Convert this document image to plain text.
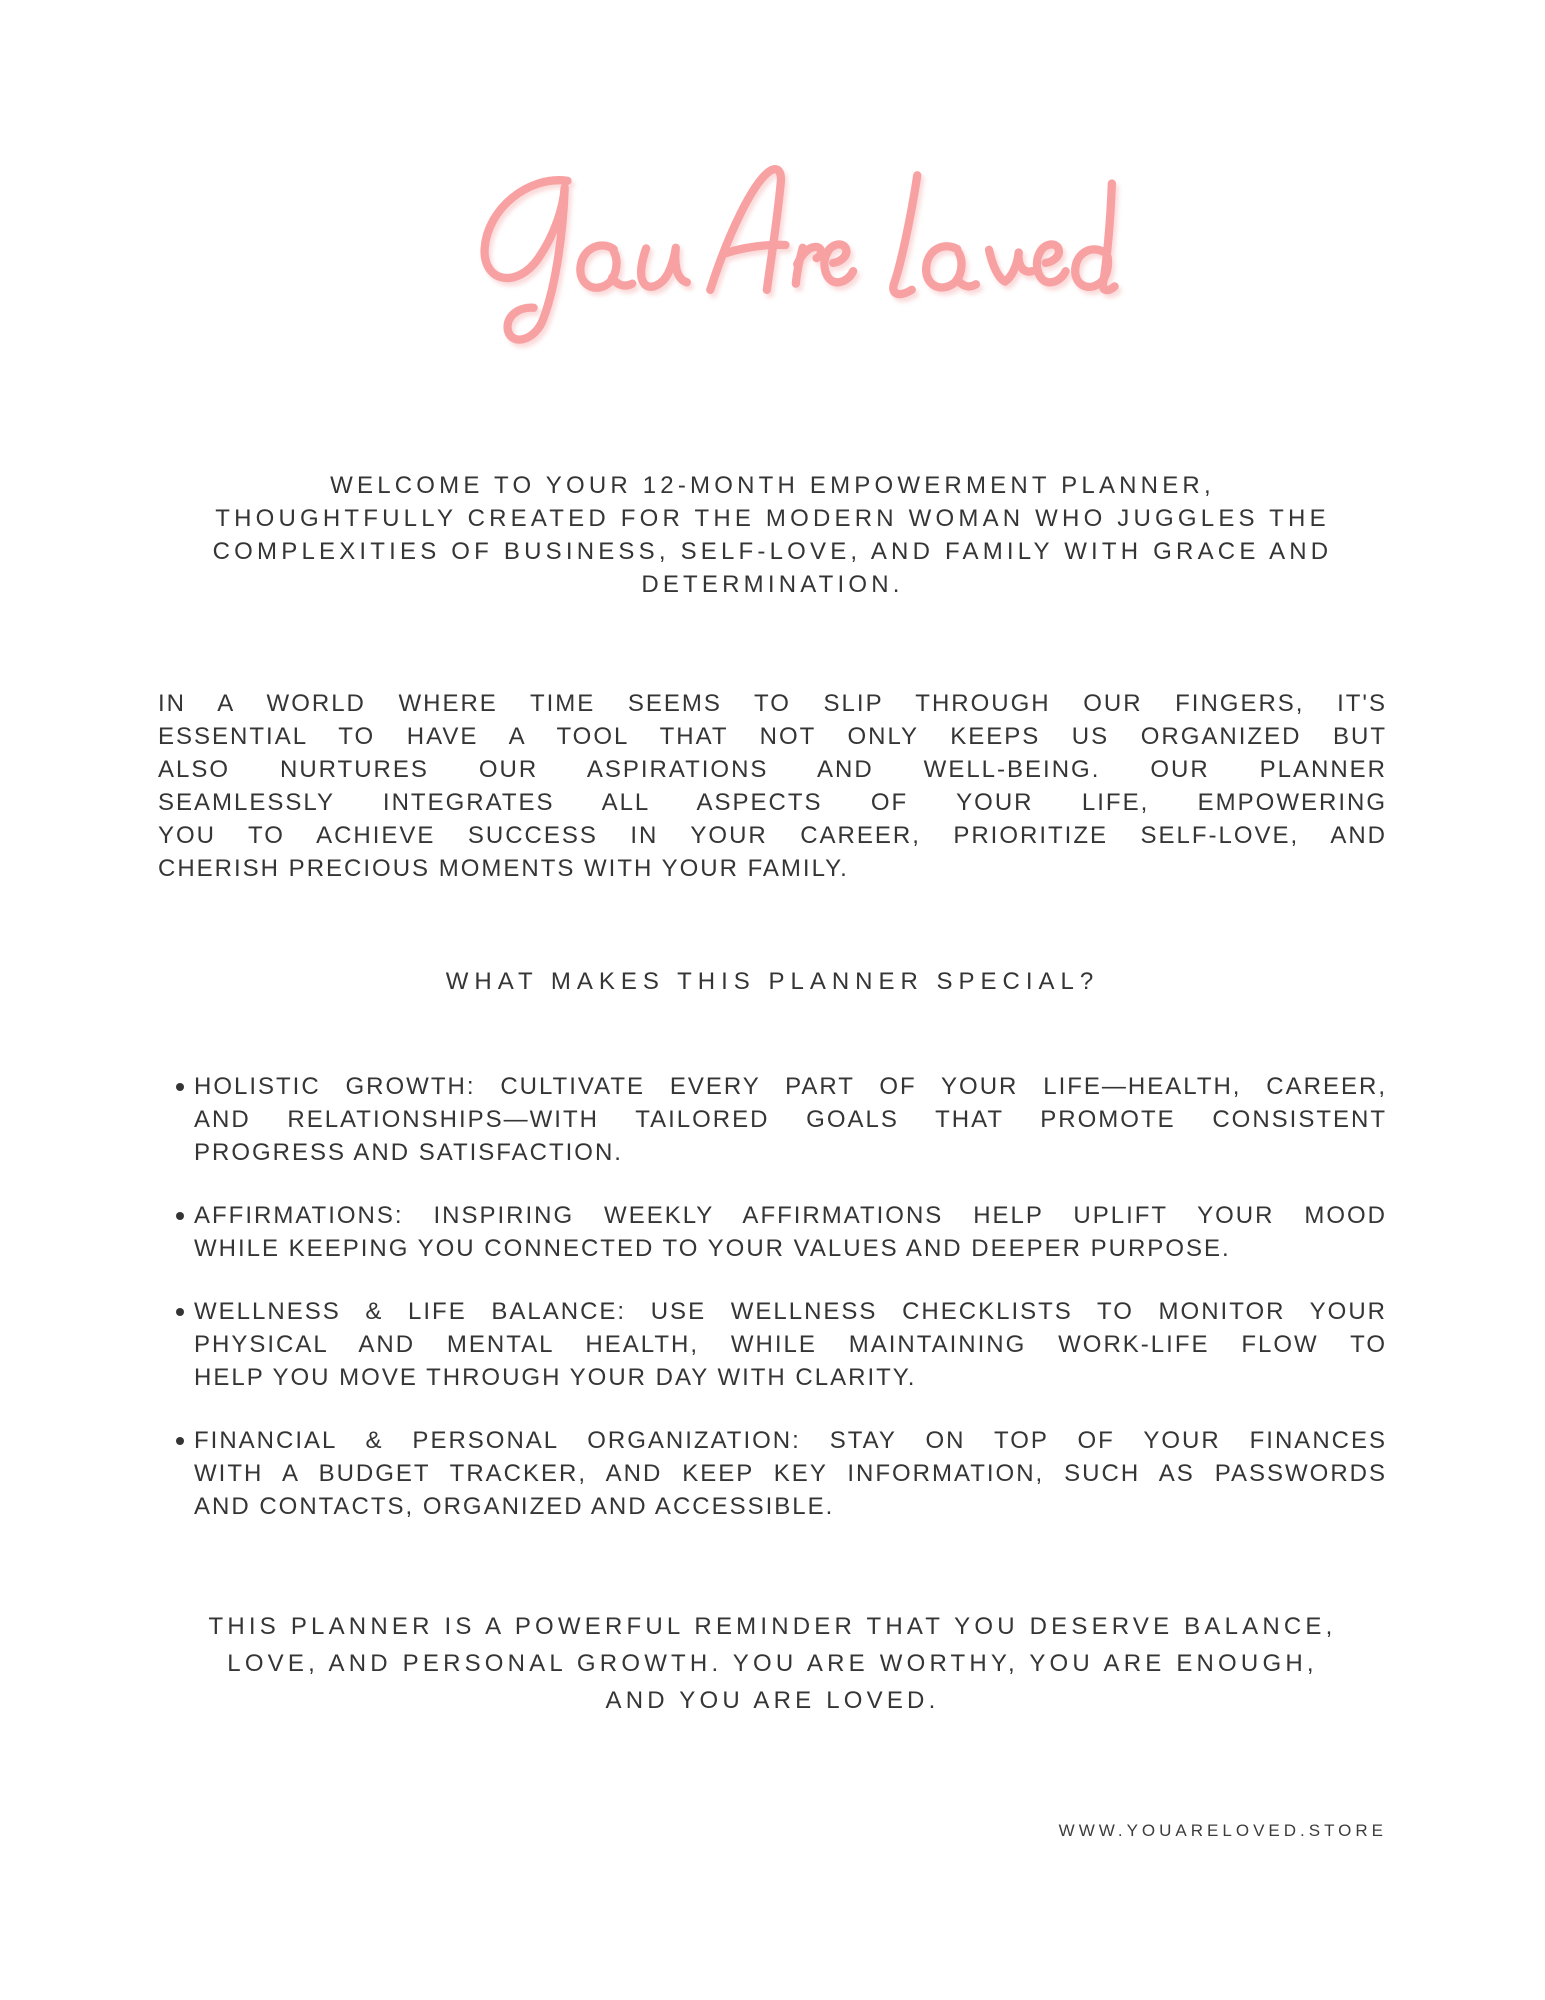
WELCOME TO YOUR 12-MONTH EMPOWERMENT PLANNER,
THOUGHTFULLY CREATED FOR THE MODERN WOMAN WHO JUGGLES THE
COMPLEXITIES OF BUSINESS, SELF-LOVE, AND FAMILY WITH GRACE AND
DETERMINATION.
IN A WORLD WHERE TIME SEEMS TO SLIP THROUGH OUR FINGERS, IT'S
ESSENTIAL TO HAVE A TOOL THAT NOT ONLY KEEPS US ORGANIZED BUT
ALSO NURTURES OUR ASPIRATIONS AND WELL-BEING. OUR PLANNER
SEAMLESSLY INTEGRATES ALL ASPECTS OF YOUR LIFE, EMPOWERING
YOU TO ACHIEVE SUCCESS IN YOUR CAREER, PRIORITIZE SELF-LOVE, AND
CHERISH PRECIOUS MOMENTS WITH YOUR FAMILY.
WHAT MAKES THIS PLANNER SPECIAL?
HOLISTIC GROWTH: CULTIVATE EVERY PART OF YOUR LIFE—HEALTH, CAREER,
AND RELATIONSHIPS—WITH TAILORED GOALS THAT PROMOTE CONSISTENT
PROGRESS AND SATISFACTION.
AFFIRMATIONS: INSPIRING WEEKLY AFFIRMATIONS HELP UPLIFT YOUR MOOD
WHILE KEEPING YOU CONNECTED TO YOUR VALUES AND DEEPER PURPOSE.
WELLNESS & LIFE BALANCE: USE WELLNESS CHECKLISTS TO MONITOR YOUR
PHYSICAL AND MENTAL HEALTH, WHILE MAINTAINING WORK-LIFE FLOW TO
HELP YOU MOVE THROUGH YOUR DAY WITH CLARITY.
FINANCIAL & PERSONAL ORGANIZATION: STAY ON TOP OF YOUR FINANCES
WITH A BUDGET TRACKER, AND KEEP KEY INFORMATION, SUCH AS PASSWORDS
AND CONTACTS, ORGANIZED AND ACCESSIBLE.
THIS PLANNER IS A POWERFUL REMINDER THAT YOU DESERVE BALANCE,
LOVE, AND PERSONAL GROWTH. YOU ARE WORTHY, YOU ARE ENOUGH,
AND YOU ARE LOVED.
WWW.YOUARELOVED.STORE
